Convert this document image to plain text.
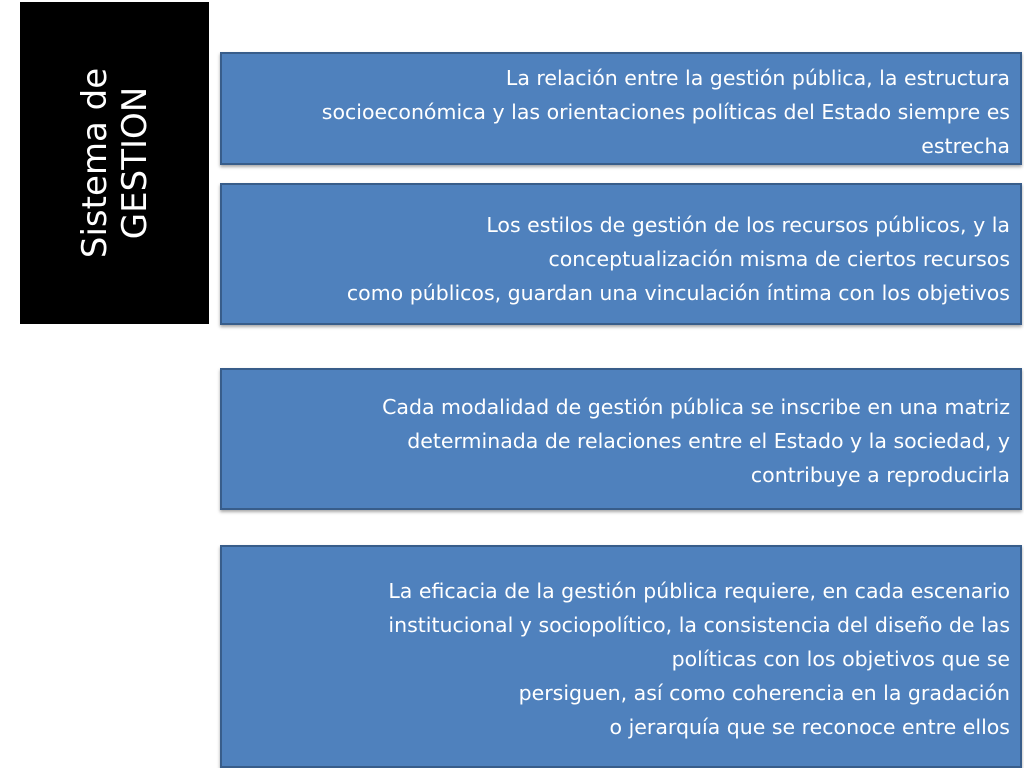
Sistema de GESTION
La relación entre la gestión pública, la estructura
socioeconómica y las orientaciones políticas del Estado siempre es
estrecha
Los estilos de gestión de los recursos públicos, y la
conceptualización misma de ciertos recursos
como públicos, guardan una vinculación íntima con los objetivos
Cada modalidad de gestión pública se inscribe en una matriz
determinada de relaciones entre el Estado y la sociedad, y
contribuye a reproducirla
La eficacia de la gestión pública requiere, en cada escenario
institucional y sociopolítico, la consistencia del diseño de las
políticas con los objetivos que se
persiguen, así como coherencia en la gradación
o jerarquía que se reconoce entre ellos
